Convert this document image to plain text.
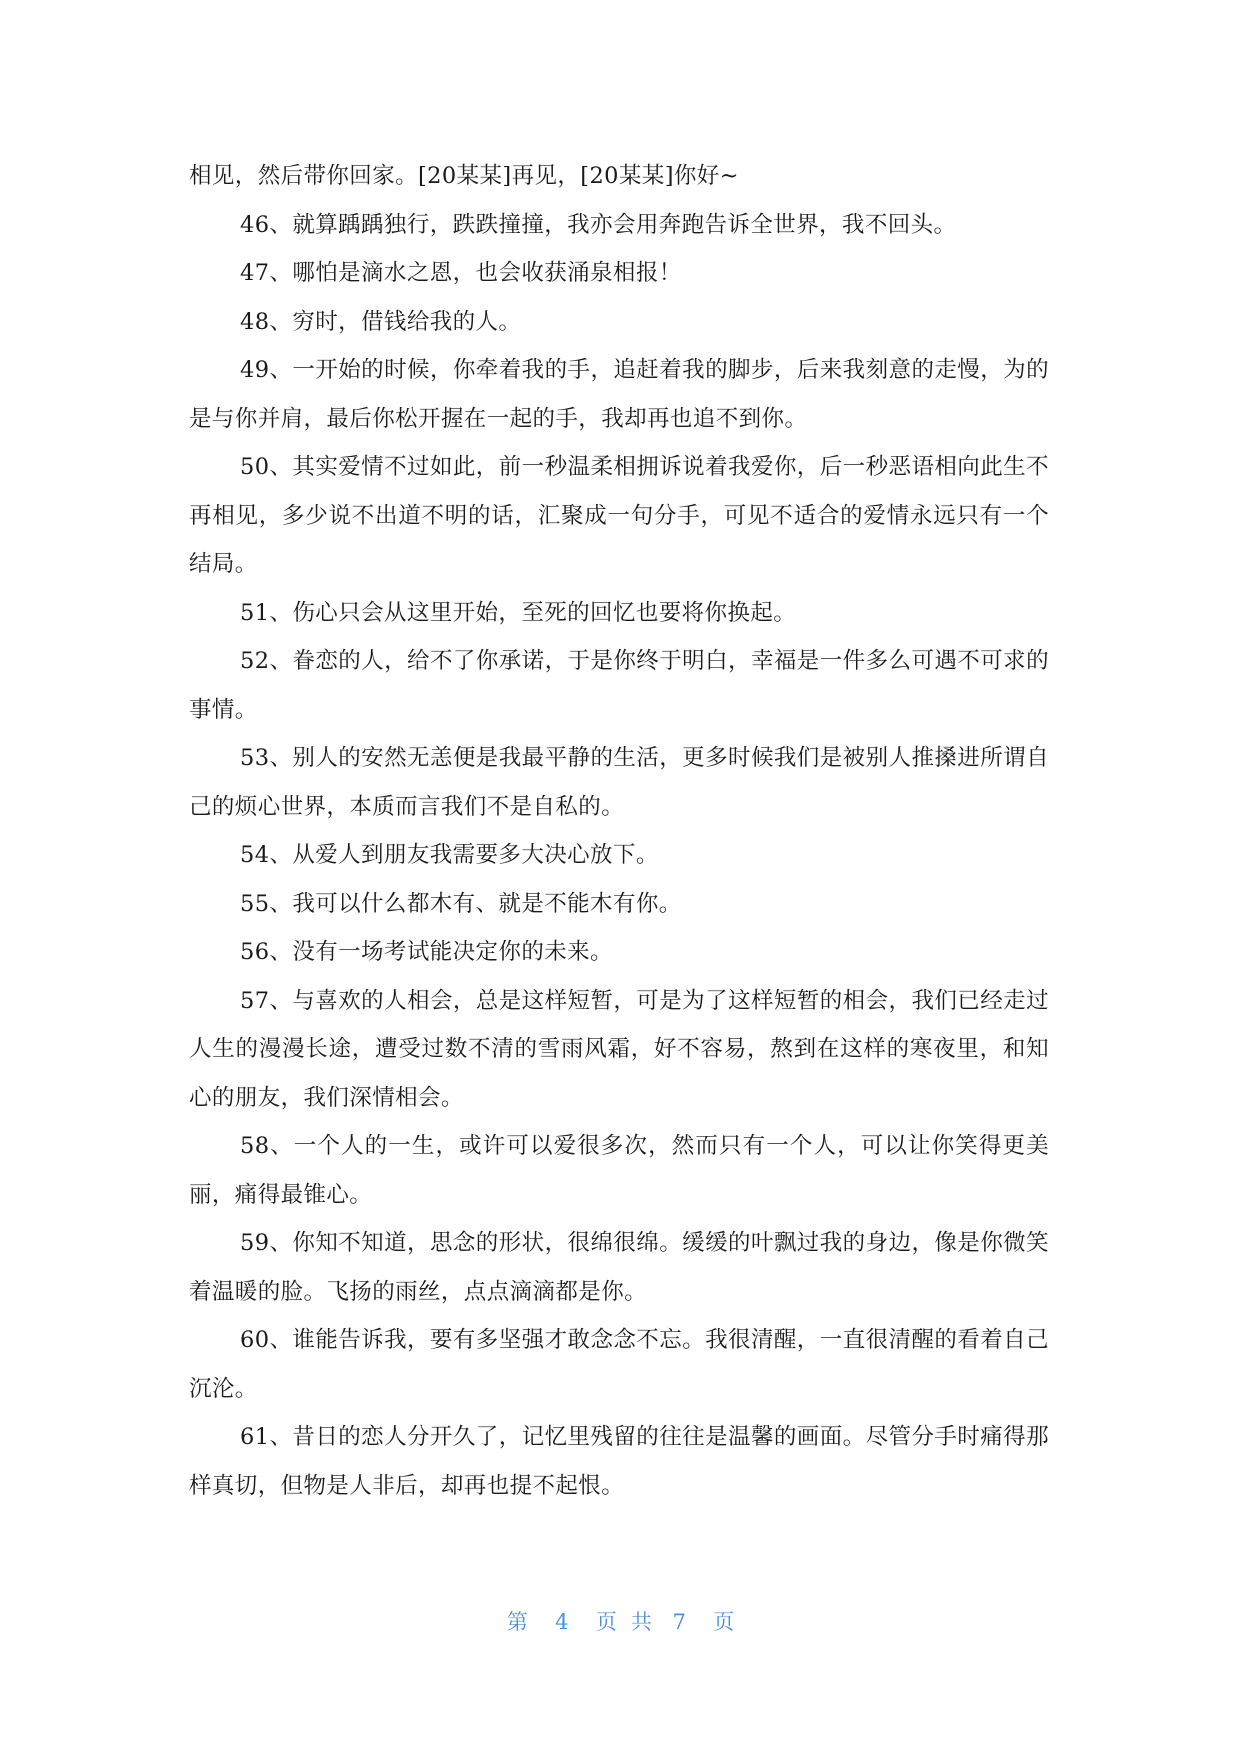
相见，然后带你回家。[20某某]再见，[20某某]你好~

46、就算踽踽独行，跌跌撞撞，我亦会用奔跑告诉全世界，我不回头。

47、哪怕是滴水之恩，也会收获涌泉相报！

48、穷时，借钱给我的人。

49、一开始的时候，你牵着我的手，追赶着我的脚步，后来我刻意的走慢，为的是与你并肩，最后你松开握在一起的手，我却再也追不到你。

50、其实爱情不过如此，前一秒温柔相拥诉说着我爱你，后一秒恶语相向此生不再相见，多少说不出道不明的话，汇聚成一句分手，可见不适合的爱情永远只有一个结局。

51、伤心只会从这里开始，至死的回忆也要将你换起。

52、眷恋的人，给不了你承诺，于是你终于明白，幸福是一件多么可遇不可求的事情。

53、别人的安然无恙便是我最平静的生活，更多时候我们是被别人推搡进所谓自己的烦心世界，本质而言我们不是自私的。

54、从爱人到朋友我需要多大决心放下。

55、我可以什么都木有、就是不能木有你。

56、没有一场考试能决定你的未来。

57、与喜欢的人相会，总是这样短暂，可是为了这样短暂的相会，我们已经走过人生的漫漫长途，遭受过数不清的雪雨风霜，好不容易，熬到在这样的寒夜里，和知心的朋友，我们深情相会。

58、一个人的一生，或许可以爱很多次，然而只有一个人，可以让你笑得更美丽，痛得最锥心。

59、你知不知道，思念的形状，很绵很绵。缓缓的叶飘过我的身边，像是你微笑着温暖的脸。飞扬的雨丝，点点滴滴都是你。

60、谁能告诉我，要有多坚强才敢念念不忘。我很清醒，一直很清醒的看着自己沉沦。

61、昔日的恋人分开久了，记忆里残留的往往是温馨的画面。尽管分手时痛得那样真切，但物是人非后，却再也提不起恨。

第 4 页共 7 页
